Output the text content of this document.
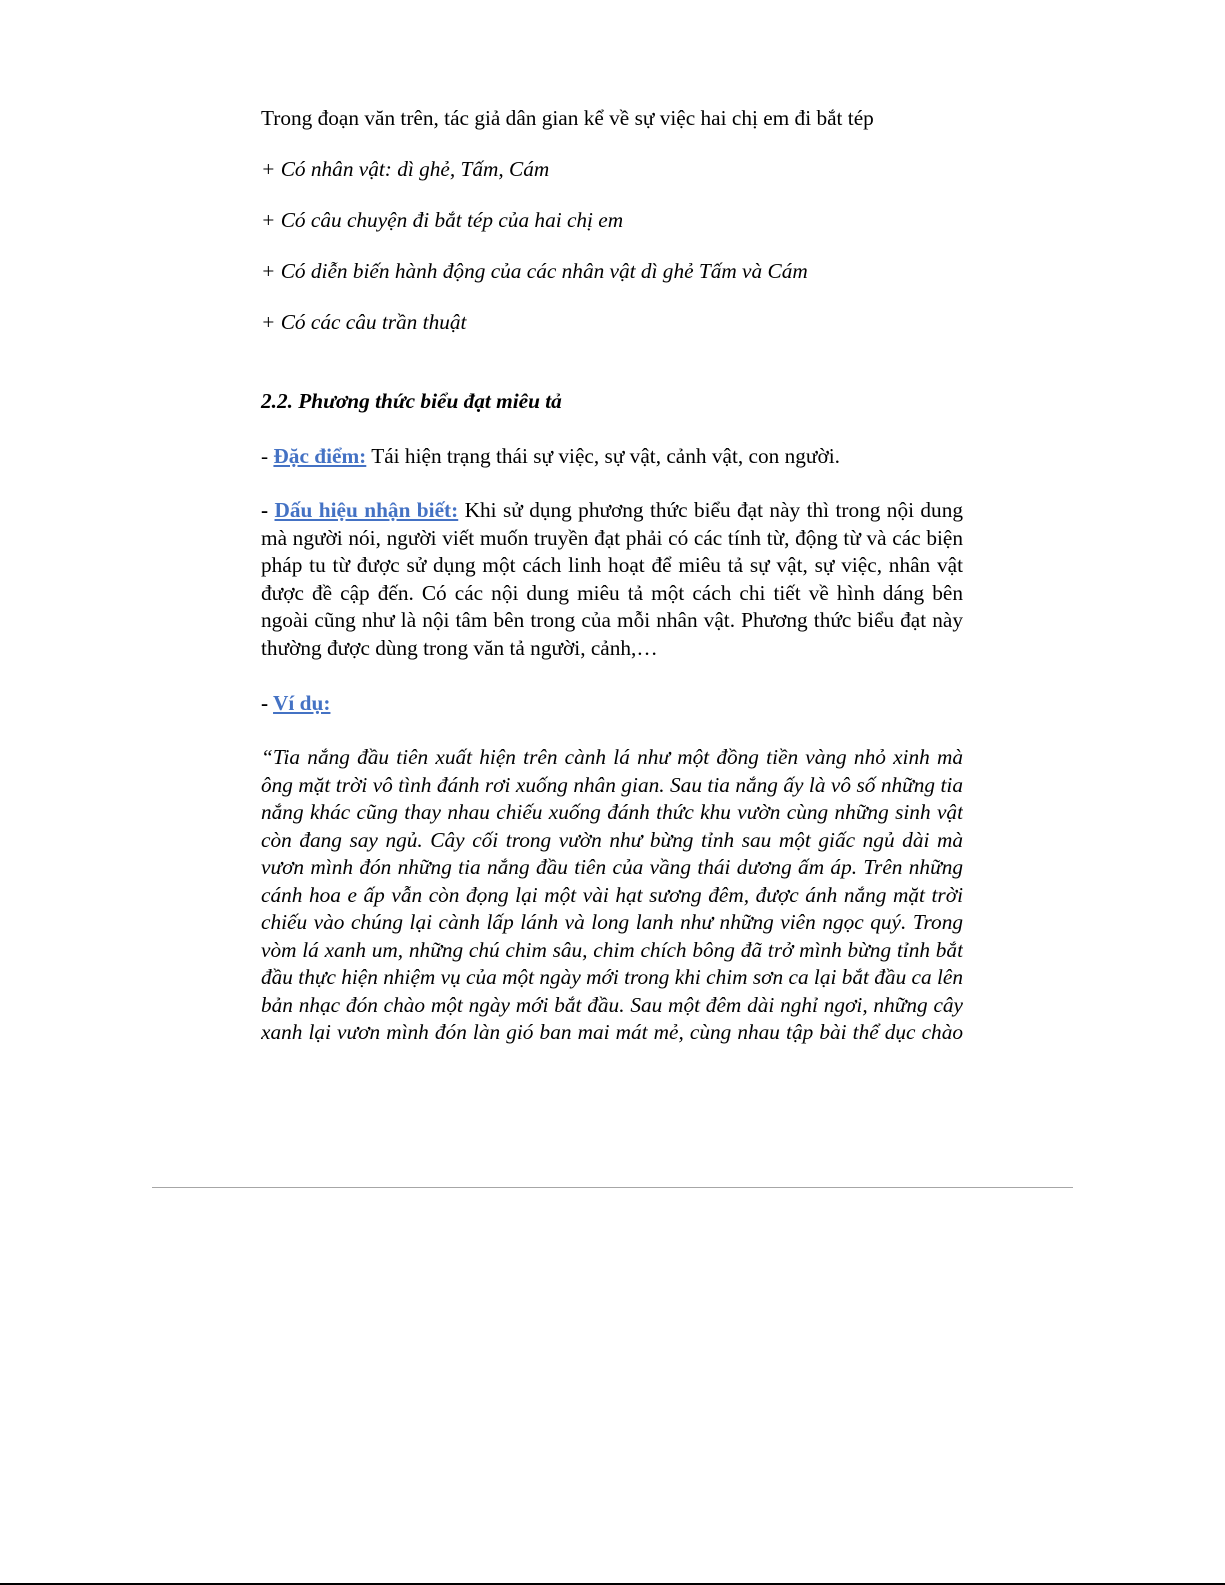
Trong đoạn văn trên, tác giả dân gian kể về sự việc hai chị em đi bắt tép

+ Có nhân vật: dì ghẻ, Tấm, Cám

+ Có câu chuyện đi bắt tép của hai chị em

+ Có diễn biến hành động của các nhân vật dì ghẻ Tấm và Cám

+ Có các câu trần thuật

2.2. Phương thức biểu đạt miêu tả

- Đặc điểm: Tái hiện trạng thái sự việc, sự vật, cảnh vật, con người.

- Dấu hiệu nhận biết: Khi sử dụng phương thức biểu đạt này thì trong nội dung mà người nói, người viết muốn truyền đạt phải có các tính từ, động từ và các biện pháp tu từ được sử dụng một cách linh hoạt để miêu tả sự vật, sự việc, nhân vật được đề cập đến. Có các nội dung miêu tả một cách chi tiết về hình dáng bên ngoài cũng như là nội tâm bên trong của mỗi nhân vật. Phương thức biểu đạt này thường được dùng trong văn tả người, cảnh,…

- Ví dụ:

“Tia nắng đầu tiên xuất hiện trên cành lá như một đồng tiền vàng nhỏ xinh mà ông mặt trời vô tình đánh rơi xuống nhân gian. Sau tia nắng ấy là vô số những tia nắng khác cũng thay nhau chiếu xuống đánh thức khu vườn cùng những sinh vật còn đang say ngủ. Cây cối trong vườn như bừng tỉnh sau một giấc ngủ dài mà vươn mình đón những tia nắng đầu tiên của vầng thái dương ấm áp. Trên những cánh hoa e ấp vẫn còn đọng lại một vài hạt sương đêm, được ánh nắng mặt trời chiếu vào chúng lại cành lấp lánh và long lanh như những viên ngọc quý. Trong vòm lá xanh um, những chú chim sâu, chim chích bông đã trở mình bừng tỉnh bắt đầu thực hiện nhiệm vụ của một ngày mới trong khi chim sơn ca lại bắt đầu ca lên bản nhạc đón chào một ngày mới bắt đầu. Sau một đêm dài nghỉ ngơi, những cây xanh lại vươn mình đón làn gió ban mai mát mẻ, cùng nhau tập bài thể dục chào
